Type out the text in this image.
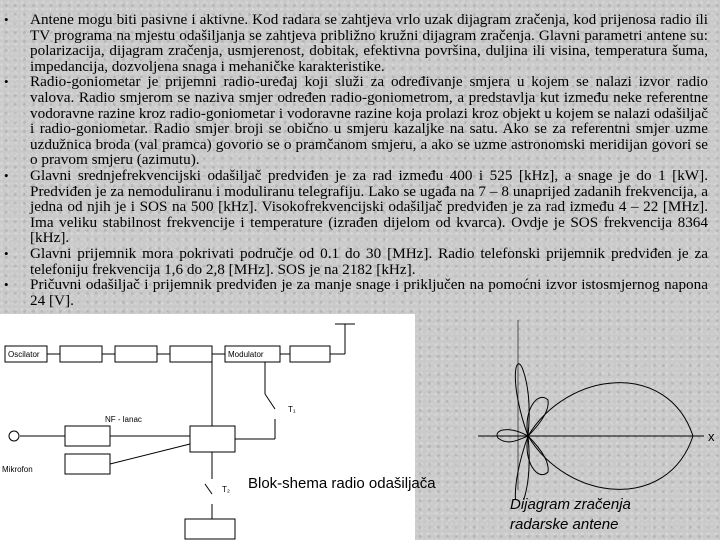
• Antene mogu biti pasivne i aktivne. Kod radara se zahtjeva vrlo uzak dijagram zračenja, kod prijenosa radio ili TV programa na mjestu odašiljanja se zahtjeva približno kružni dijagram zračenja. Glavni parametri antene su: polarizacija, dijagram zračenja, usmjerenost, dobitak, efektivna površina, duljina ili visina, temperatura šuma, impedancija, dozvoljena snaga i mehaničke karakteristike.
• Radio-goniometar je prijemni radio-uređaj koji služi za određivanje smjera u kojem se nalazi izvor radio valova. Radio smjerom se naziva smjer određen radio-goniometrom, a predstavlja kut između neke referentne vodoravne razine kroz radio-goniometar i vodoravne razine koja prolazi kroz objekt u kojem se nalazi odašiljač i radio-goniometar. Radio smjer broji se obično u smjeru kazaljke na satu. Ako se za referentni smjer uzme uzdužnica broda (val pramca) govorio se o pramčanom smjeru, a ako se uzme astronomski meridijan govori se o pravom smjeru (azimutu).
• Glavni srednjefrekvencijski odašiljač predviđen je za rad između 400 i 525 [kHz], a snage je do 1 [kW]. Predviđen je za nemoduliranu i moduliranu telegrafiju. Lako se ugađa na 7 – 8 unaprijed zadanih frekvencija, a jedna od njih je i SOS na 500 [kHz]. Visokofrekvencijski odašiljač predviđen je za rad između 4 – 22 [MHz]. Ima veliku stabilnost frekvencije i temperature (izrađen dijelom od kvarca). Ovdje je SOS frekvencija 8364 [kHz].
• Glavni prijemnik mora pokrivati područje od 0.1 do 30 [MHz]. Radio telefonski prijemnik predviđen je za telefoniju frekvencija 1,6 do 2,8 [MHz]. SOS je na 2182 [kHz].
• Pričuvni odašiljač i prijemnik predviđen je za manje snage i priključen na pomoćni izvor istosmjernog napona 24 [V].
Oscilator	Modulator
NF - lanac
Mikrofon
T₁
T₂ Blok-shema radio odašiljača
x
Dijagram zračenja
radarske antene
